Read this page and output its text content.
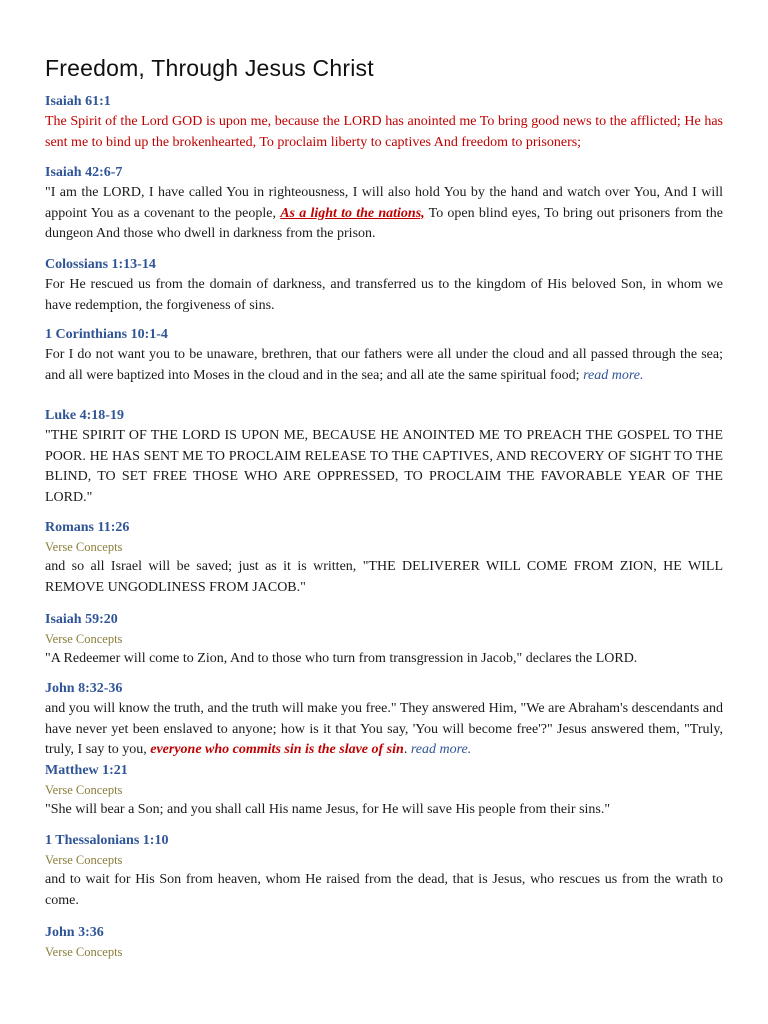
Freedom, Through Jesus Christ

Isaiah 61:1

The Spirit of the Lord GOD is upon me, because the LORD has anointed me To bring good news to the afflicted; He has sent me to bind up the brokenhearted, To proclaim liberty to captives And freedom to prisoners;

Isaiah 42:6-7

"I am the LORD, I have called You in righteousness, I will also hold You by the hand and watch over You, And I will appoint You as a covenant to the people, As a light to the nations, To open blind eyes, To bring out prisoners from the dungeon And those who dwell in darkness from the prison.

Colossians 1:13-14

For He rescued us from the domain of darkness, and transferred us to the kingdom of His beloved Son, in whom we have redemption, the forgiveness of sins.

1 Corinthians 10:1-4

For I do not want you to be unaware, brethren, that our fathers were all under the cloud and all passed through the sea; and all were baptized into Moses in the cloud and in the sea; and all ate the same spiritual food; read more.

Luke 4:18-19

"THE SPIRIT OF THE LORD IS UPON ME, BECAUSE HE ANOINTED ME TO PREACH THE GOSPEL TO THE POOR. HE HAS SENT ME TO PROCLAIM RELEASE TO THE CAPTIVES, AND RECOVERY OF SIGHT TO THE BLIND, TO SET FREE THOSE WHO ARE OPPRESSED, TO PROCLAIM THE FAVORABLE YEAR OF THE LORD."

Romans 11:26

Verse Concepts

and so all Israel will be saved; just as it is written, "THE DELIVERER WILL COME FROM ZION, HE WILL REMOVE UNGODLINESS FROM JACOB."

Isaiah 59:20

Verse Concepts

"A Redeemer will come to Zion, And to those who turn from transgression in Jacob," declares the LORD.

John 8:32-36

and you will know the truth, and the truth will make you free." They answered Him, "We are Abraham's descendants and have never yet been enslaved to anyone; how is it that You say, 'You will become free'?" Jesus answered them, "Truly, truly, I say to you, everyone who commits sin is the slave of sin. read more.

Matthew 1:21

Verse Concepts

"She will bear a Son; and you shall call His name Jesus, for He will save His people from their sins."

1 Thessalonians 1:10

Verse Concepts

and to wait for His Son from heaven, whom He raised from the dead, that is Jesus, who rescues us from the wrath to come.

John 3:36

Verse Concepts
